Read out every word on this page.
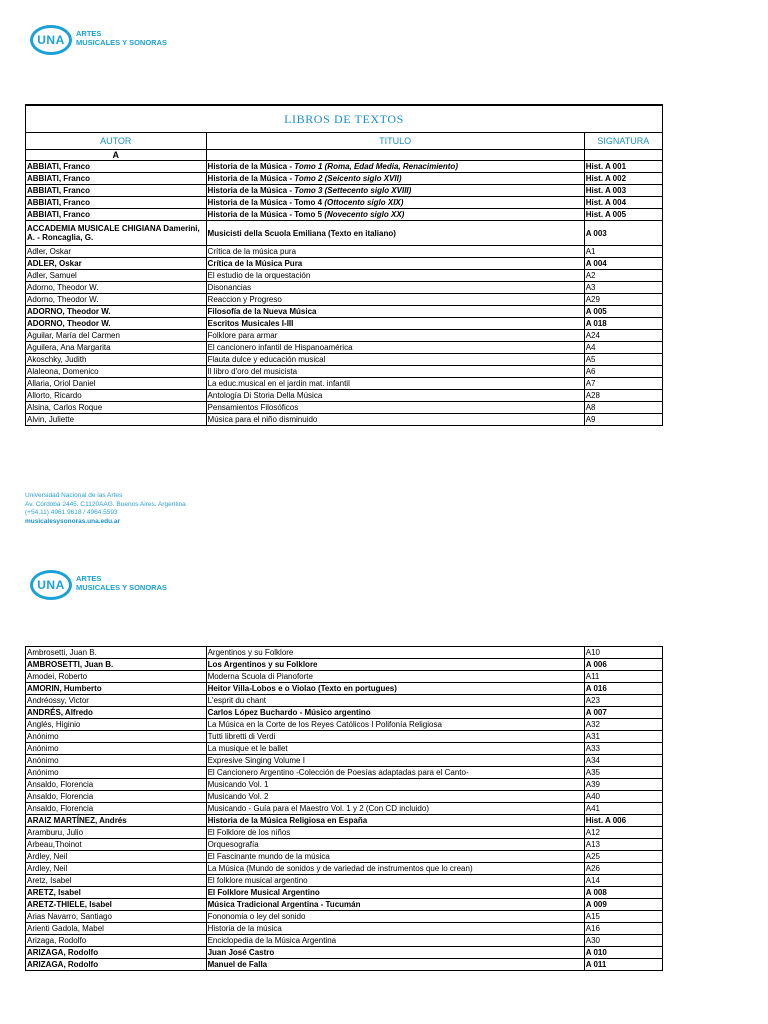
UNA ARTES
MUSICALES Y SONORAS
LIBROS DE TEXTOS		
AUTOR	TITULO	SIGNATURA
A		
ABBIATI, Franco	Historia de la Música - Tomo 1 (Roma, Edad Media, Renacimiento)	Hist. A 001
ABBIATI, Franco	Historia de la Música - Tomo 2 (Seicento siglo XVII)	Hist. A 002
ABBIATI, Franco	Historia de la Música - Tomo 3 (Settecento siglo XVIII)	Hist. A 003
ABBIATI, Franco	Historia de la Música - Tomo 4 (Ottocento siglo XIX)	Hist. A 004
ABBIATI, Franco	Historia de la Música - Tomo 5 (Novecento siglo XX)	Hist. A 005
ACCADEMIA MUSICALE CHIGIANA Damerini, A. - Roncaglia, G.	Musicisti della Scuola Emiliana (Texto en italiano)	A 003
Adler, Oskar	Crítica de la música pura	A1
ADLER, Oskar	Crítica de la Música Pura	A 004
Adler, Samuel	El estudio de la orquestación	A2
Adorno, Theodor W.	Disonancias	A3
Adorno, Theodor W.	Reaccion y Progreso	A29
ADORNO, Theodor W.	Filosofía de la Nueva Música	A 005
ADORNO, Theodor W.	Escritos Musicales I-III	A 018
Aguilar, María del Carmen	Folklore para armar	A24
Aguilera, Ana Margarita	El cancionero infantil de Hispanoamérica	A4
Akoschky, Judith	Flauta dulce y educación musical	A5
Alaleona, Domenico	Il libro d'oro del musicista	A6
Allaria, Oriol Daniel	La educ.musical en el jardin mat. infantil	A7
Allorto, Ricardo	Antología Di Storia Della Música	A28
Alsina, Carlos Roque	Pensamientos Filosóficos	A8
Alvin, Juliette	Música para el niño disminuido	A9
Universidad Nacional de las Artes
Av. Córdoba 2445. C1120AAG. Buenos Aires. Argentina
(+54.11) 4961.9618 / 4964.5593
musicalesysonoras.una.edu.ar
UNA ARTES
MUSICALES Y SONORAS
Ambrosetti, Juan B.	Argentinos y su Folklore	A10
AMBROSETTI, Juan B.	Los Argentinos y su Folklore	A 006
Amodei, Roberto	Moderna Scuola di Pianoforte	A11
AMORIN, Humberto	Heitor Villa-Lobos e o Violao (Texto en portugues)	A 016
Andréossy, Victor	L'esprit du chant	A23
ANDRÉS, Alfredo	Carlos López Buchardo - Músico argentino	A 007
Anglés, Higinio	La Música en la Corte de los Reyes Católicos I Polifonía Religiosa	A32
Anónimo	Tutti libretti di Verdi	A31
Anónimo	La musique et le ballet	A33
Anónimo	Expresive Singing Volume I	A34
Anónimo	El Cancionero Argentino -Colección de Poesías adaptadas para el Canto-	A35
Ansaldo, Florencia	Musicando Vol. 1	A39
Ansaldo, Florencia	Musicando Vol. 2	A40
Ansaldo, Florencia	Musicando - Guía para el Maestro Vol. 1 y 2 (Con CD incluido)	A41
ARAIZ MARTÍNEZ, Andrés	Historia de la Música Religiosa en España	Hist. A 006
Aramburu, Julio	El Folklore de los niños	A12
Arbeau,Thoinot	Orquesografía	A13
Ardley, Neil	El Fascinante mundo de la música	A25
Ardley, Neil	La Música (Mundo de sonidos y de variedad de instrumentos que lo crean)	A26
Aretz, Isabel	El folklore musical argentino	A14
ARETZ, Isabel	El Folklore Musical Argentino	A 008
ARETZ-THIELE, Isabel	Música Tradicional Argentina - Tucumán	A 009
Arias Navarro, Santiago	Fononomia o ley del sonido	A15
Arienti Gadola, Mabel	Historia de la música	A16
Arizaga, Rodolfo	Enciclopedia de la Música Argentina	A30
ARIZAGA, Rodolfo	Juan José Castro	A 010
ARIZAGA, Rodolfo	Manuel de Falla	A 011
